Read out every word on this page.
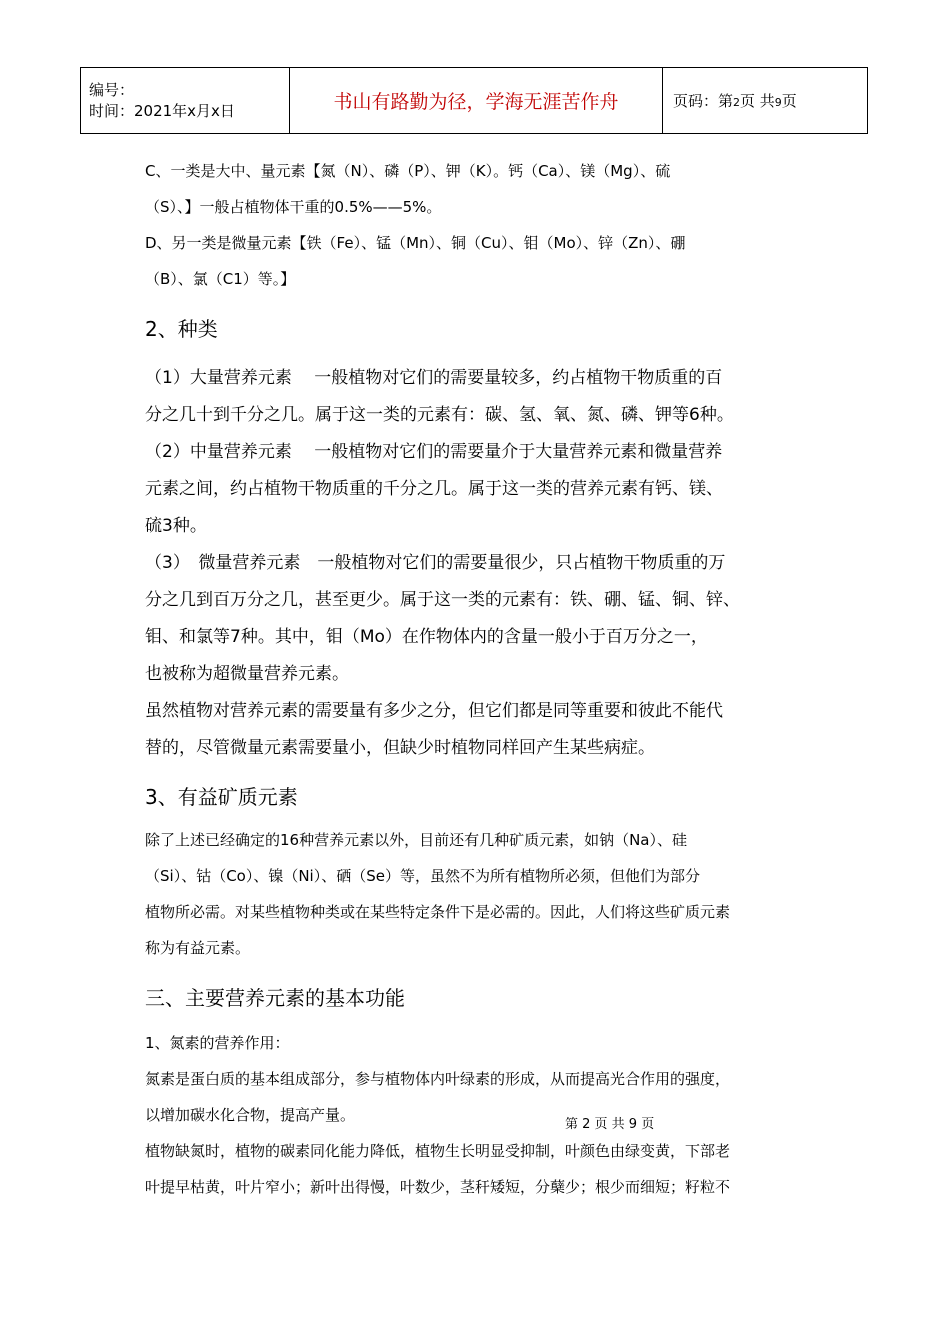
编号：
时间：2021年x月x日	书山有路勤为径，学海无涯苦作舟	页码：第2页 共9页

C、一类是大中、量元素【氮（N）、磷（P）、钾（K）。钙（Ca）、镁（Mg）、硫

（S）、】一般占植物体干重的0.5%——5%。

D、另一类是微量元素【铁（Fe）、锰（Mn）、铜（Cu）、钼（Mo）、锌（Zn）、硼

（B）、氯（C1）等。】

2、种类

（1）大量营养元素　 一般植物对它们的需要量较多，约占植物干物质重的百

分之几十到千分之几。属于这一类的元素有：碳、氢、氧、氮、磷、钾等6种。

（2）中量营养元素　 一般植物对它们的需要量介于大量营养元素和微量营养

元素之间，约占植物干物质重的千分之几。属于这一类的营养元素有钙、镁、

硫3种。

（3）　微量营养元素　一般植物对它们的需要量很少，只占植物干物质重的万

分之几到百万分之几，甚至更少。属于这一类的元素有：铁、硼、锰、铜、锌、

钼、和氯等7种。其中，钼（Mo）在作物体内的含量一般小于百万分之一，

也被称为超微量营养元素。

虽然植物对营养元素的需要量有多少之分，但它们都是同等重要和彼此不能代

替的，尽管微量元素需要量小，但缺少时植物同样回产生某些病症。

3、有益矿质元素

除了上述已经确定的16种营养元素以外，目前还有几种矿质元素，如钠（Na）、硅

（Si）、钴（Co）、镍（Ni）、硒（Se）等，虽然不为所有植物所必须，但他们为部分

植物所必需。对某些植物种类或在某些特定条件下是必需的。因此，人们将这些矿质元素

称为有益元素。

三、主要营养元素的基本功能

1、氮素的营养作用：

氮素是蛋白质的基本组成部分，参与植物体内叶绿素的形成，从而提高光合作用的强度，

以增加碳水化合物，提高产量。

植物缺氮时，植物的碳素同化能力降低，植物生长明显受抑制，叶颜色由绿变黄，下部老

叶提早枯黄，叶片窄小；新叶出得慢，叶数少，茎秆矮短，分蘖少；根少而细短；籽粒不

第 2 页 共 9 页
